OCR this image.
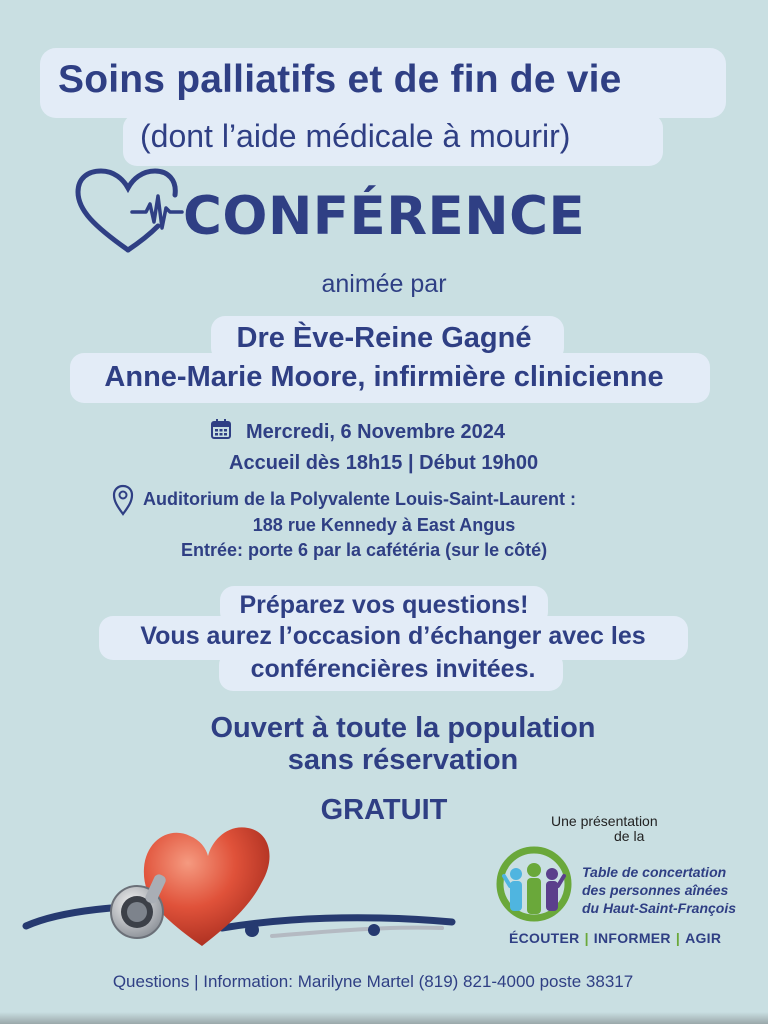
Soins palliatifs et de fin de vie
(dont l’aide médicale à mourir)
CONFÉRENCE
animée par
Dre Ève-Reine Gagné
Anne-Marie Moore, infirmière clinicienne
Mercredi, 6 Novembre 2024
Accueil dès 18h15 | Début 19h00
Auditorium de la Polyvalente Louis-Saint-Laurent :
188 rue Kennedy à East Angus
Entrée: porte 6 par la cafétéria (sur le côté)
Préparez vos questions!
Vous aurez l’occasion d’échanger avec les
conférencières invitées.
Ouvert à toute la population
sans réservation
GRATUIT	Une présentation
de la
Table de concertation
des personnes aînées
du Haut-Saint-François
ÉCOUTER | INFORMER | AGIR
Questions | Information: Marilyne Martel (819) 821-4000 poste 38317
